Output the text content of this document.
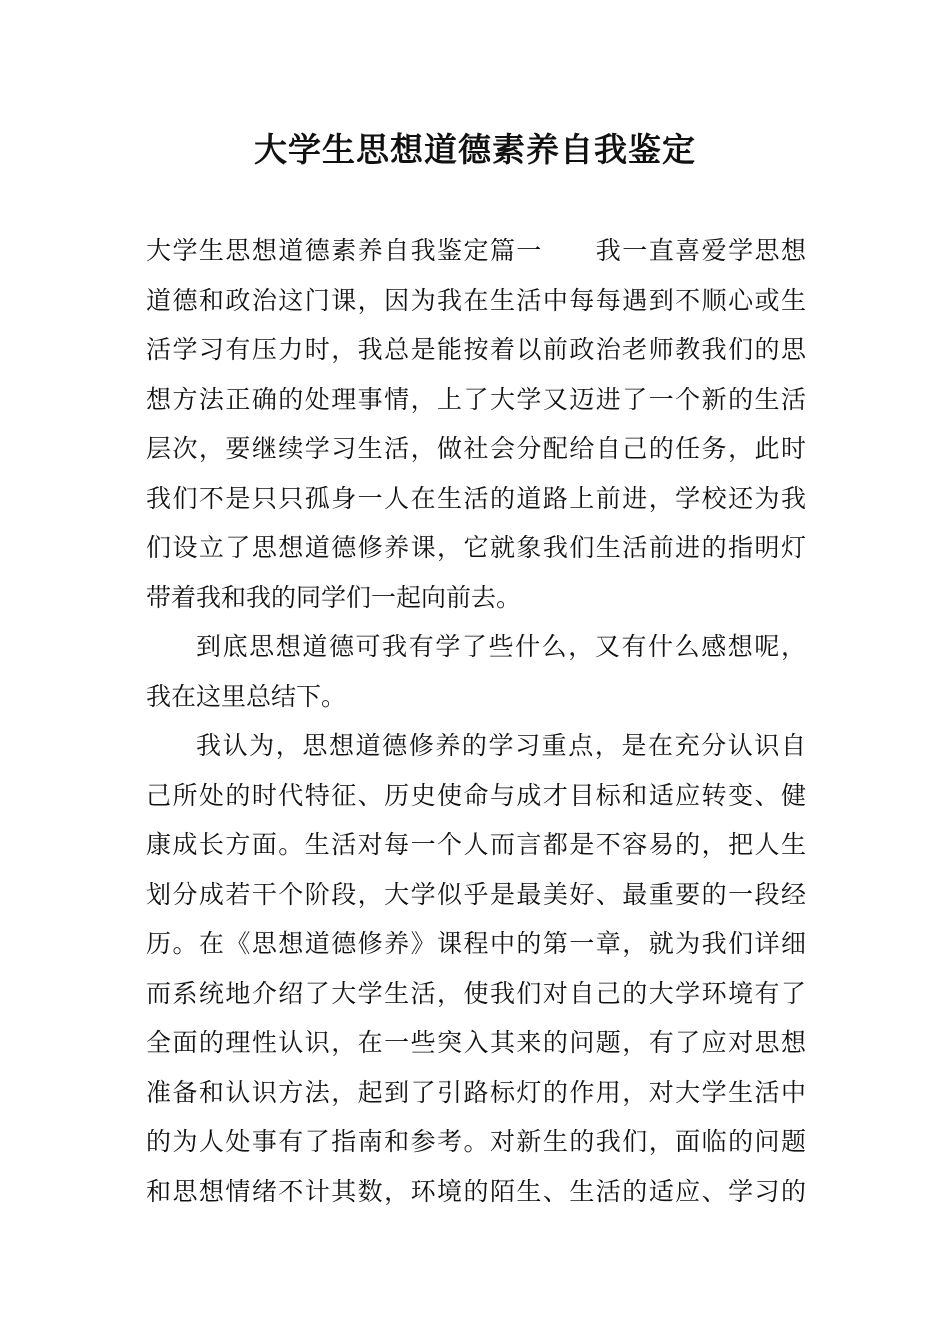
大学生思想道德素养自我鉴定
大学生思想道德素养自我鉴定篇一　　我一直喜爱学思想
道德和政治这门课，因为我在生活中每每遇到不顺心或生
活学习有压力时，我总是能按着以前政治老师教我们的思
想方法正确的处理事情，上了大学又迈进了一个新的生活
层次，要继续学习生活，做社会分配给自己的任务，此时
我们不是只只孤身一人在生活的道路上前进，学校还为我
们设立了思想道德修养课，它就象我们生活前进的指明灯
带着我和我的同学们一起向前去。
到底思想道德可我有学了些什么，又有什么感想呢，
我在这里总结下。
我认为，思想道德修养的学习重点，是在充分认识自
己所处的时代特征、历史使命与成才目标和适应转变、健
康成长方面。生活对每一个人而言都是不容易的，把人生
划分成若干个阶段，大学似乎是最美好、最重要的一段经
历。在《思想道德修养》课程中的第一章，就为我们详细
而系统地介绍了大学生活，使我们对自己的大学环境有了
全面的理性认识，在一些突入其来的问题，有了应对思想
准备和认识方法，起到了引路标灯的作用，对大学生活中
的为人处事有了指南和参考。对新生的我们，面临的问题
和思想情绪不计其数，环境的陌生、生活的适应、学习的
